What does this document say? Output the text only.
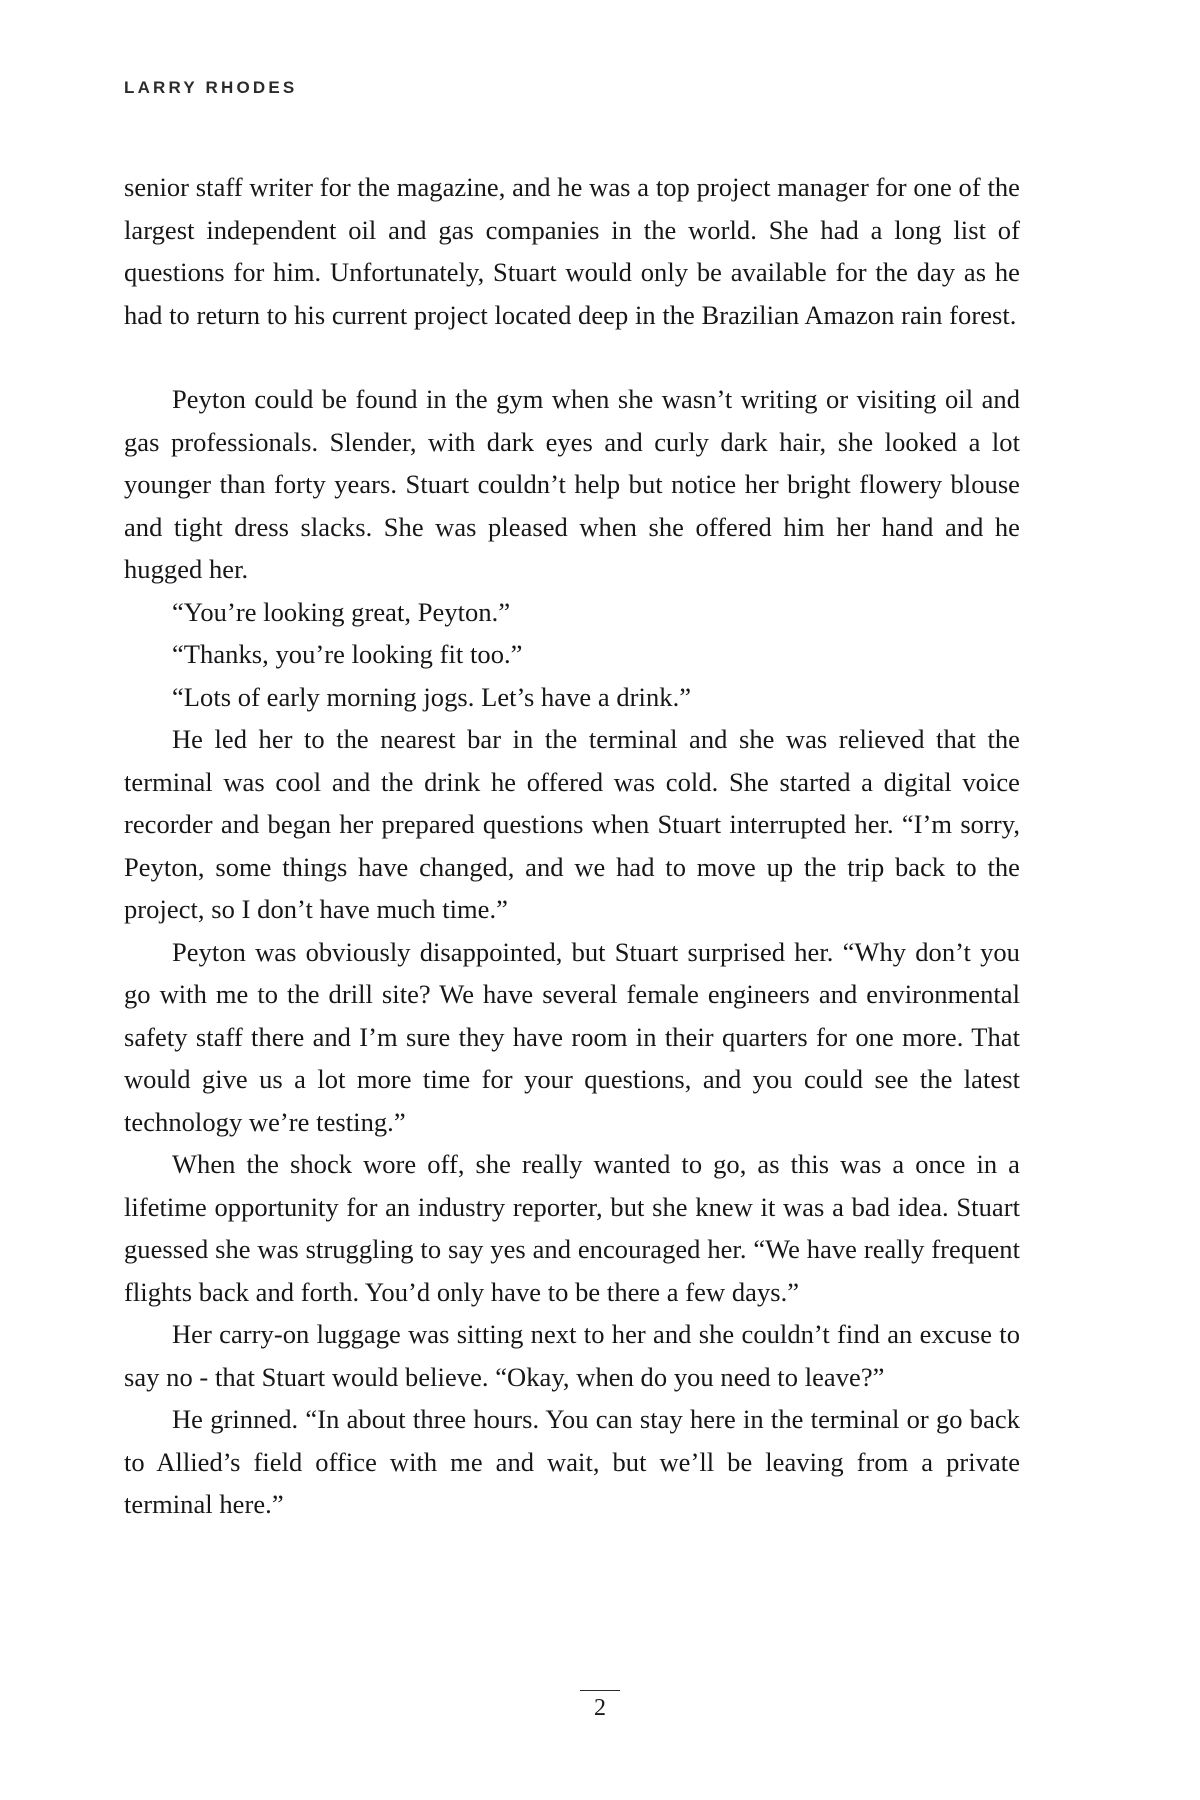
LARRY RHODES

senior staff writer for the magazine, and he was a top project manager for one of the largest independent oil and gas companies in the world. She had a long list of questions for him. Unfortunately, Stuart would only be available for the day as he had to return to his current project located deep in the Brazilian Amazon rain forest.

Peyton could be found in the gym when she wasn’t writing or visiting oil and gas professionals. Slender, with dark eyes and curly dark hair, she looked a lot younger than forty years. Stuart couldn’t help but notice her bright flowery blouse and tight dress slacks. She was pleased when she offered him her hand and he hugged her.

“You’re looking great, Peyton.”

“Thanks, you’re looking fit too.”

“Lots of early morning jogs. Let’s have a drink.”

He led her to the nearest bar in the terminal and she was relieved that the terminal was cool and the drink he offered was cold. She started a digital voice recorder and began her prepared questions when Stuart interrupted her. “I’m sorry, Peyton, some things have changed, and we had to move up the trip back to the project, so I don’t have much time.”

Peyton was obviously disappointed, but Stuart surprised her. “Why don’t you go with me to the drill site? We have several female engineers and environmental safety staff there and I’m sure they have room in their quarters for one more. That would give us a lot more time for your questions, and you could see the latest technology we’re testing.”

When the shock wore off, she really wanted to go, as this was a once in a lifetime opportunity for an industry reporter, but she knew it was a bad idea. Stuart guessed she was struggling to say yes and encouraged her. “We have really frequent flights back and forth. You’d only have to be there a few days.”

Her carry-on luggage was sitting next to her and she couldn’t find an excuse to say no - that Stuart would believe. “Okay, when do you need to leave?”

He grinned. “In about three hours. You can stay here in the terminal or go back to Allied’s field office with me and wait, but we’ll be leaving from a private terminal here.”

2
